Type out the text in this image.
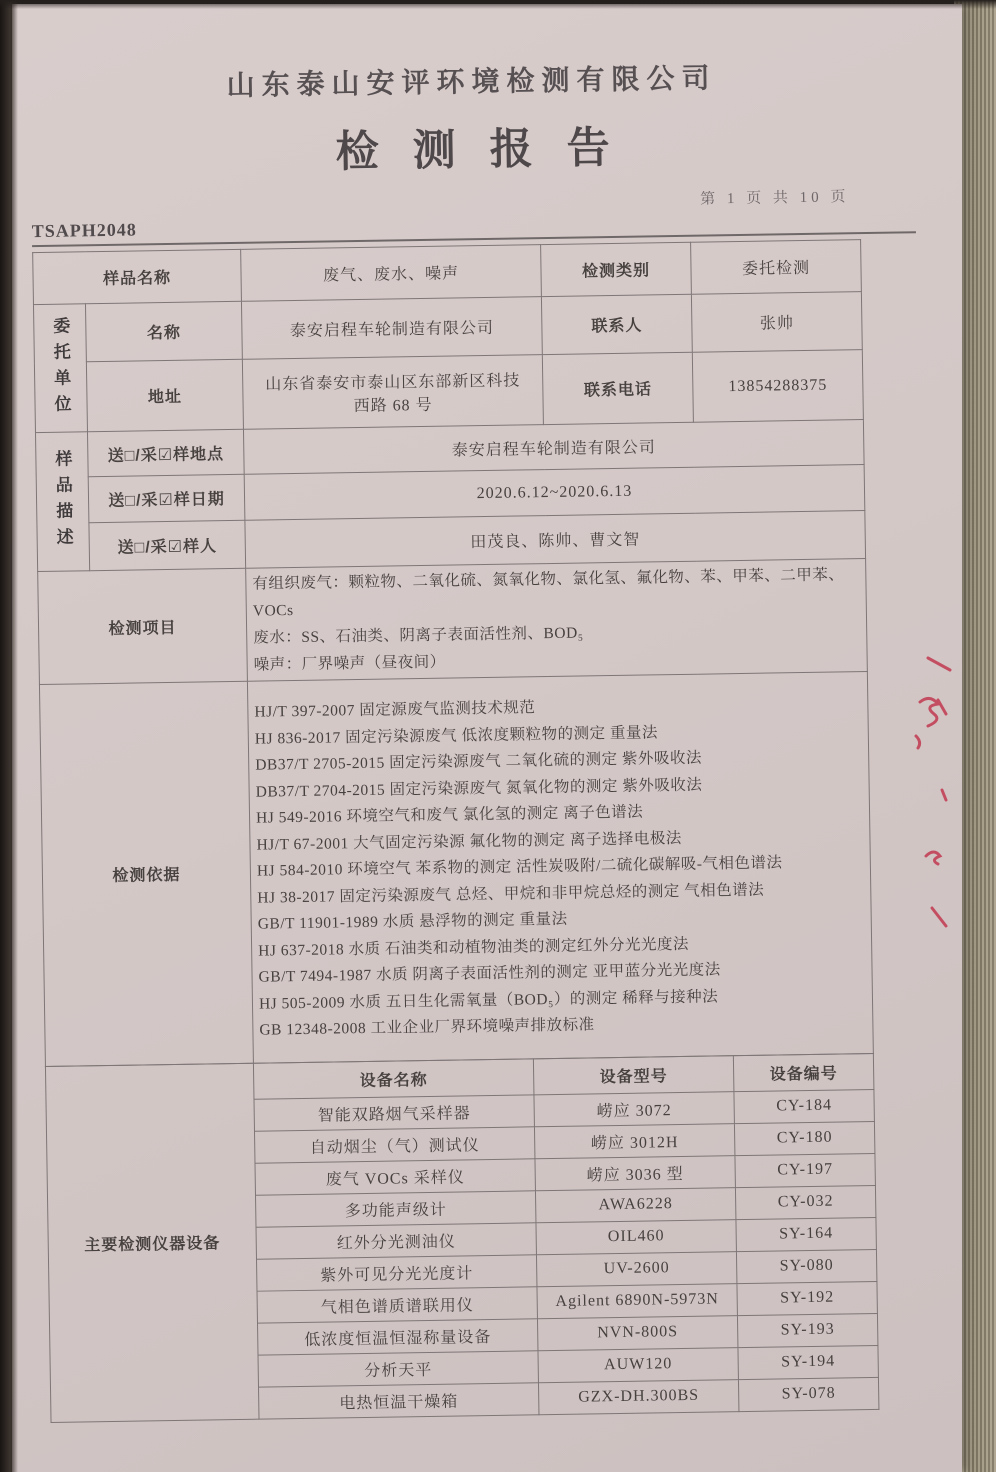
山东泰山安评环境检测有限公司
检测报告
第 1 页 共 10 页
TSAPH2048
样品名称		废气、废水、噪声	检测类别	委托检测

委托单位	名称	泰安启程车轮制造有限公司	联系人	张帅
	地址	山东省泰安市泰山区东部新区科技西路 68 号	联系电话	13854288375

样品描述	送□/采☑样地点	泰安启程车轮制造有限公司		
	送□/采☑样日期	2020.6.12~2020.6.13		
	送□/采☑样人	田茂良、陈帅、曹文智		
检测项目		有组织废气：颗粒物、二氧化硫、氮氧化物、氯化氢、氟化物、苯、甲苯、二甲苯、VOCs
废水：SS、石油类、阴离子表面活性剂、BOD₅
噪声：厂界噪声（昼夜间）		

检测依据	
HJ/T 397-2007 固定源废气监测技术规范
HJ 836-2017 固定污染源废气 低浓度颗粒物的测定 重量法
DB37/T 2705-2015 固定污染源废气 二氧化硫的测定 紫外吸收法
DB37/T 2704-2015 固定污染源废气 氮氧化物的测定 紫外吸收法
HJ 549-2016 环境空气和废气 氯化氢的测定 离子色谱法
HJ/T 67-2001 大气固定污染源 氟化物的测定 离子选择电极法
HJ 584-2010 环境空气 苯系物的测定 活性炭吸附/二硫化碳解吸-气相色谱法
HJ 38-2017 固定污染源废气 总烃、甲烷和非甲烷总烃的测定 气相色谱法
GB/T 11901-1989 水质 悬浮物的测定 重量法
HJ 637-2018 水质 石油类和动植物油类的测定红外分光光度法
GB/T 7494-1987 水质 阴离子表面活性剂的测定 亚甲蓝分光光度法
HJ 505-2009 水质 五日生化需氧量（BOD₅）的测定 稀释与接种法
GB 12348-2008 工业企业厂界环境噪声排放标准
主要检测仪器设备	设备名称	设备型号	设备编号
	智能双路烟气采样器	崂应 3072	CY-184
	自动烟尘（气）测试仪	崂应 3012H	CY-180
	废气 VOCs 采样仪	崂应 3036 型	CY-197
	多功能声级计	AWA6228	CY-032
	红外分光测油仪	OIL460	SY-164
	紫外可见分光光度计	UV-2600	SY-080
	气相色谱质谱联用仪	Agilent 6890N-5973N	SY-192
	低浓度恒温恒湿称量设备	NVN-800S	SY-193
	分析天平	AUW120	SY-194
	电热恒温干燥箱	GZX-DH.300BS	SY-078
